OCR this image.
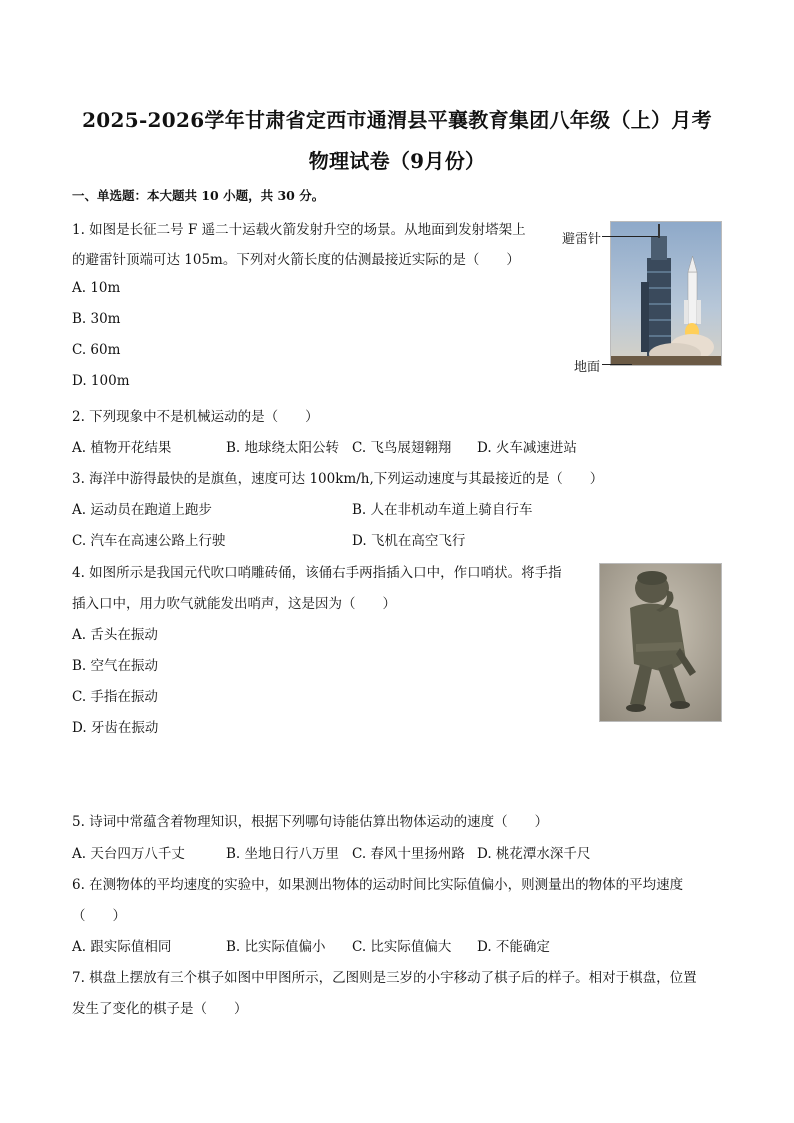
2025-2026学年甘肃省定西市通渭县平襄教育集团八年级（上）月考
物理试卷（9月份）
一、单选题：本大题共 10 小题，共 30 分。
1. 如图是长征二号 F 遥二十运载火箭发射升空的场景。从地面到发射塔架上
的避雷针顶端可达 105m。下列对火箭长度的估测最接近实际的是（　　）
A. 10m
B. 30m
C. 60m
D. 100m
避雷针
地面
2. 下列现象中不是机械运动的是（　　）
A. 植物开花结果	B. 地球绕太阳公转 C. 飞鸟展翅翱翔 D. 火车减速进站
3. 海洋中游得最快的是旗鱼，速度可达 100km/h,下列运动速度与其最接近的是（　　）
A. 运动员在跑道上跑步	B. 人在非机动车道上骑自行车
C. 汽车在高速公路上行驶	D. 飞机在高空飞行
4. 如图所示是我国元代吹口哨雕砖俑，该俑右手两指插入口中，作口哨状。将手指
插入口中，用力吹气就能发出哨声，这是因为（　　）
A. 舌头在振动
B. 空气在振动
C. 手指在振动
D. 牙齿在振动
5. 诗词中常蕴含着物理知识，根据下列哪句诗能估算出物体运动的速度（　　）
A. 天台四万八千丈	B. 坐地日行八万里 C. 春风十里扬州路 D. 桃花潭水深千尺
6. 在测物体的平均速度的实验中，如果测出物体的运动时间比实际值偏小，则测量出的物体的平均速度
（　　）
A. 跟实际值相同	B. 比实际值偏小 C. 比实际值偏大 D. 不能确定
7. 棋盘上摆放有三个棋子如图中甲图所示，乙图则是三岁的小宇移动了棋子后的样子。相对于棋盘，位置
发生了变化的棋子是（　　）
